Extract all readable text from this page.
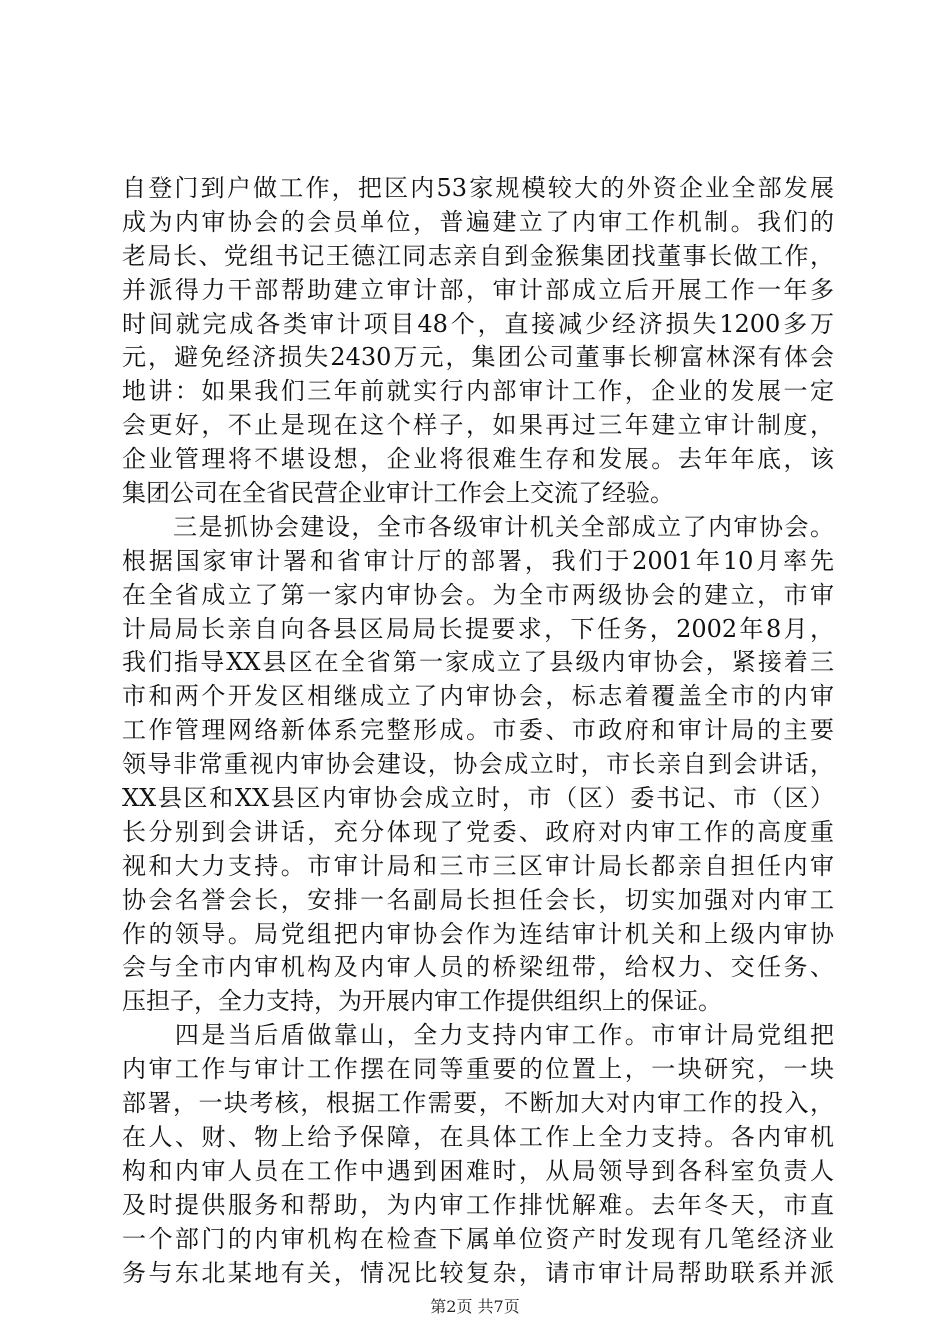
自登门到户做工作，把区内53家规模较大的外资企业全部发展
成为内审协会的会员单位，普遍建立了内审工作机制。我们的
老局长、党组书记王德江同志亲自到金猴集团找董事长做工作，
并派得力干部帮助建立审计部，审计部成立后开展工作一年多
时间就完成各类审计项目48个，直接减少经济损失1200多万
元，避免经济损失2430万元，集团公司董事长柳富林深有体会
地讲：如果我们三年前就实行内部审计工作，企业的发展一定
会更好，不止是现在这个样子，如果再过三年建立审计制度，
企业管理将不堪设想，企业将很难生存和发展。去年年底，该
集团公司在全省民营企业审计工作会上交流了经验。
　　三是抓协会建设，全市各级审计机关全部成立了内审协会。
根据国家审计署和省审计厅的部署，我们于2001年10月率先
在全省成立了第一家内审协会。为全市两级协会的建立，市审
计局局长亲自向各县区局局长提要求，下任务，2002年8月，
我们指导XX县区在全省第一家成立了县级内审协会，紧接着三
市和两个开发区相继成立了内审协会，标志着覆盖全市的内审
工作管理网络新体系完整形成。市委、市政府和审计局的主要
领导非常重视内审协会建设，协会成立时，市长亲自到会讲话，
XX县区和XX县区内审协会成立时，市（区）委书记、市（区）
长分别到会讲话，充分体现了党委、政府对内审工作的高度重
视和大力支持。市审计局和三市三区审计局长都亲自担任内审
协会名誉会长，安排一名副局长担任会长，切实加强对内审工
作的领导。局党组把内审协会作为连结审计机关和上级内审协
会与全市内审机构及内审人员的桥梁纽带，给权力、交任务、
压担子，全力支持，为开展内审工作提供组织上的保证。
　　四是当后盾做靠山，全力支持内审工作。市审计局党组把
内审工作与审计工作摆在同等重要的位置上，一块研究，一块
部署，一块考核，根据工作需要，不断加大对内审工作的投入，
在人、财、物上给予保障，在具体工作上全力支持。各内审机
构和内审人员在工作中遇到困难时，从局领导到各科室负责人
及时提供服务和帮助，为内审工作排忧解难。去年冬天，市直
一个部门的内审机构在检查下属单位资产时发现有几笔经济业
务与东北某地有关，情况比较复杂，请市审计局帮助联系并派
第2页 共7页
